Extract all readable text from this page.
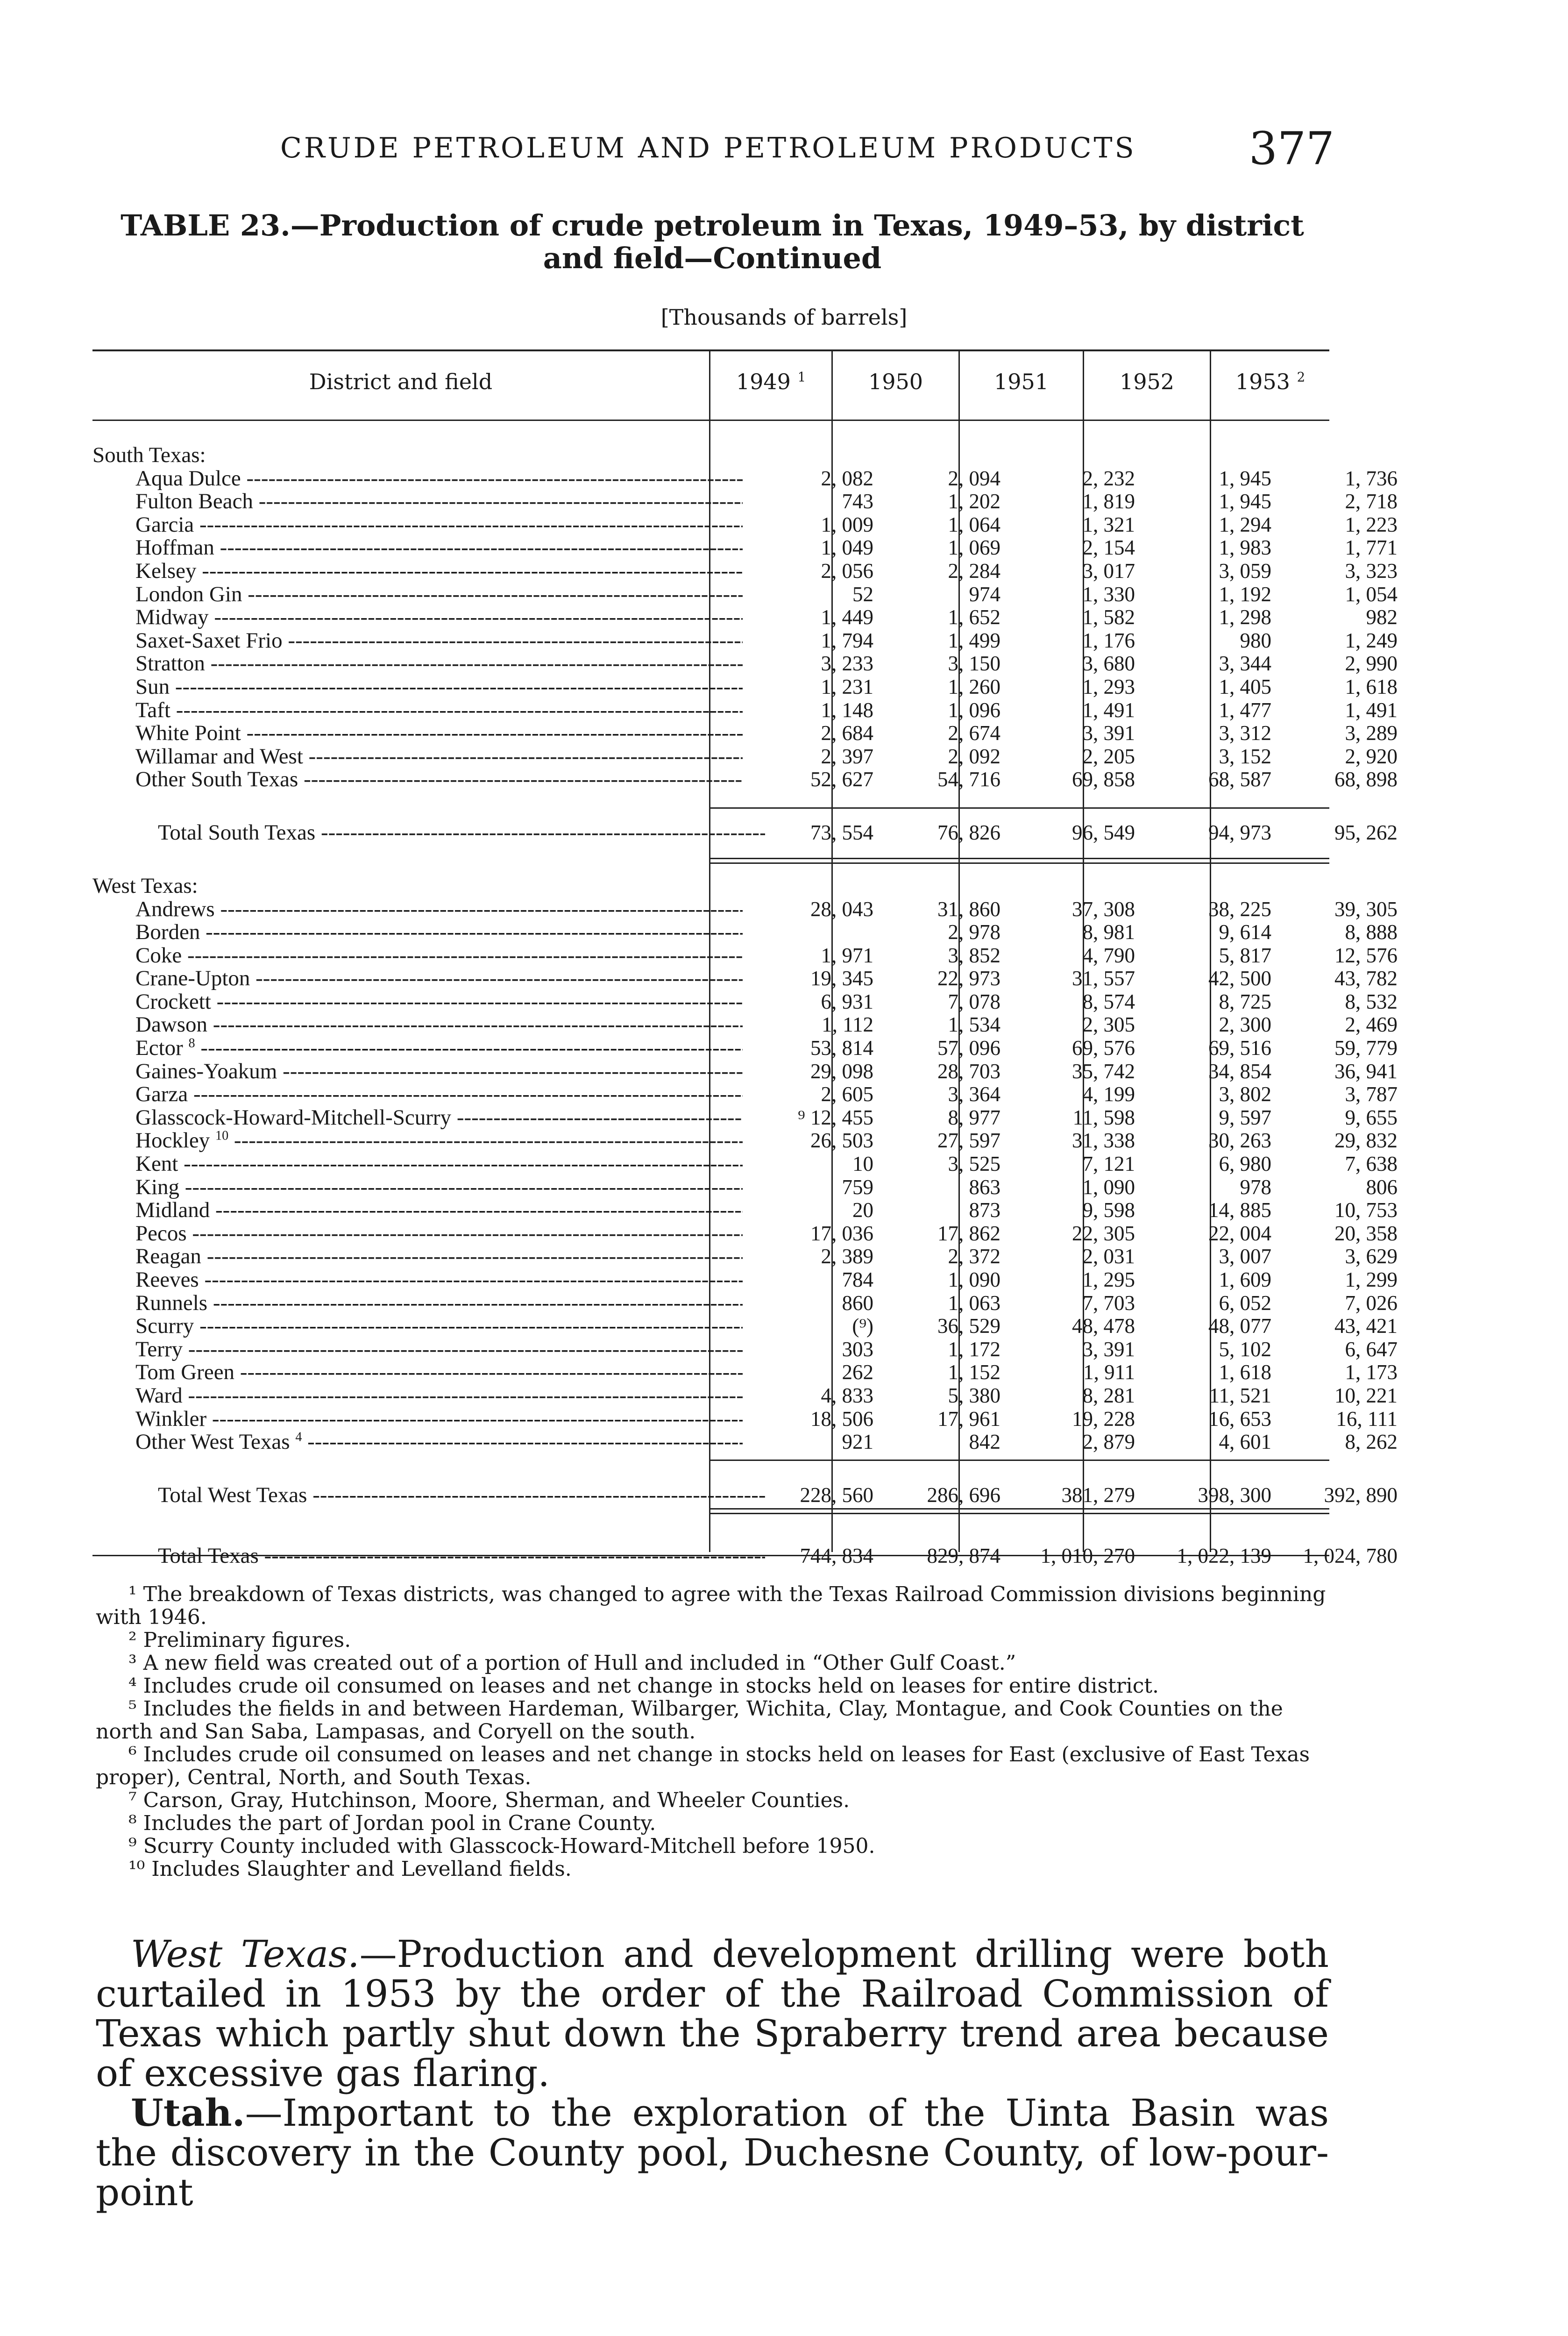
CRUDE PETROLEUM AND PETROLEUM PRODUCTS	377
TABLE 23.—Production of crude petroleum in Texas, 1949–53, by district and field—Continued
[Thousands of barrels]
District and field	1949 $^1$	1950	1951	1952	1953 $^2$
South Texas:					

Aqua Dulce -----	2, 082	2, 094	2, 232	1, 945	1, 736

Fulton Beach -----	743	1, 202	1, 819	1, 945	2, 718

Garcia -----	1, 009	1, 064	1, 321	1, 294	1, 223

Hoffman -----	1, 049	1, 069	2, 154	1, 983	1, 771

Kelsey -----	2, 056	2, 284	3, 017	3, 059	3, 323

London Gin -----	52	974	1, 330	1, 192	1, 054

Midway -----	1, 449	1, 652	1, 582	1, 298	982

Saxet-Saxet Frio -----	1, 794	1, 499	1, 176	980	1, 249

Stratton -----	3, 233	3, 150	3, 680	3, 344	2, 990

Sun -----	1, 231	1, 260	1, 293	1, 405	1, 618

Taft -----	1, 148	1, 096	1, 491	1, 477	1, 491

White Point -----	2, 684	2, 674	3, 391	3, 312	3, 289

Willamar and West -----	2, 397	2, 092	2, 205	3, 152	2, 920

Other South Texas -----	52, 627	54, 716	69, 858	68, 587	68, 898

Total South Texas -----	73, 554	76, 826	96, 549	94, 973	95, 262

West Texas:					

Andrews -----	28, 043	31, 860	37, 308	38, 225	39, 305

Borden -----		2, 978	8, 981	9, 614	8, 888

Coke -----	1, 971	3, 852	4, 790	5, 817	12, 576

Crane-Upton -----	19, 345	22, 973	31, 557	42, 500	43, 782

Crockett -----	6, 931	7, 078	8, 574	8, 725	8, 532

Dawson -----	1, 112	1, 534	2, 305	2, 300	2, 469

Ector $^8$ -----	53, 814	57, 096	69, 576	69, 516	59, 779

Gaines-Yoakum -----	29, 098	28, 703	35, 742	34, 854	36, 941

Garza -----	2, 605	3, 364	4, 199	3, 802	3, 787

Glasscock-Howard-Mitchell-Scurry -----	⁹ 12, 455	8, 977	11, 598	9, 597	9, 655

Hockley $^{10}$ -----	26, 503	27, 597	31, 338	30, 263	29, 832

Kent -----	10	3, 525	7, 121	6, 980	7, 638

King -----	759	863	1, 090	978	806

Midland -----	20	873	9, 598	14, 885	10, 753

Pecos -----	17, 036	17, 862	22, 305	22, 004	20, 358

Reagan -----	2, 389	2, 372	2, 031	3, 007	3, 629

Reeves -----	784	1, 090	1, 295	1, 609	1, 299

Runnels -----	860	1, 063	7, 703	6, 052	7, 026

Scurry -----	(⁹)	36, 529	48, 478	48, 077	43, 421

Terry -----	303	1, 172	3, 391	5, 102	6, 647

Tom Green -----	262	1, 152	1, 911	1, 618	1, 173

Ward -----	4, 833	5, 380	8, 281	11, 521	10, 221

Winkler -----	18, 506	17, 961	19, 228	16, 653	16, 111

Other West Texas $^4$ -----	921	842	2, 879	4, 601	8, 262

Total West Texas -----	228, 560	286, 696	381, 279	398, 300	392, 890

Total Texas -----	744, 834	829, 874	1, 010, 270	1, 022, 139	1, 024, 780

¹ The breakdown of Texas districts, was changed to agree with the Texas Railroad Commission divisions beginning with 1946.

² Preliminary figures.

³ A new field was created out of a portion of Hull and included in “Other Gulf Coast.”

⁴ Includes crude oil consumed on leases and net change in stocks held on leases for entire district.

⁵ Includes the fields in and between Hardeman, Wilbarger, Wichita, Clay, Montague, and Cook Counties on the north and San Saba, Lampasas, and Coryell on the south.

⁶ Includes crude oil consumed on leases and net change in stocks held on leases for East (exclusive of East Texas proper), Central, North, and South Texas.

⁷ Carson, Gray, Hutchinson, Moore, Sherman, and Wheeler Counties.

⁸ Includes the part of Jordan pool in Crane County.

⁹ Scurry County included with Glasscock-Howard-Mitchell before 1950.

¹⁰ Includes Slaughter and Levelland fields.

West Texas.—Production and development drilling were both curtailed in 1953 by the order of the Railroad Commission of Texas which partly shut down the Spraberry trend area because of excessive gas flaring.

Utah.—Important to the exploration of the Uinta Basin was the discovery in the County pool, Duchesne County, of low-pour-point
